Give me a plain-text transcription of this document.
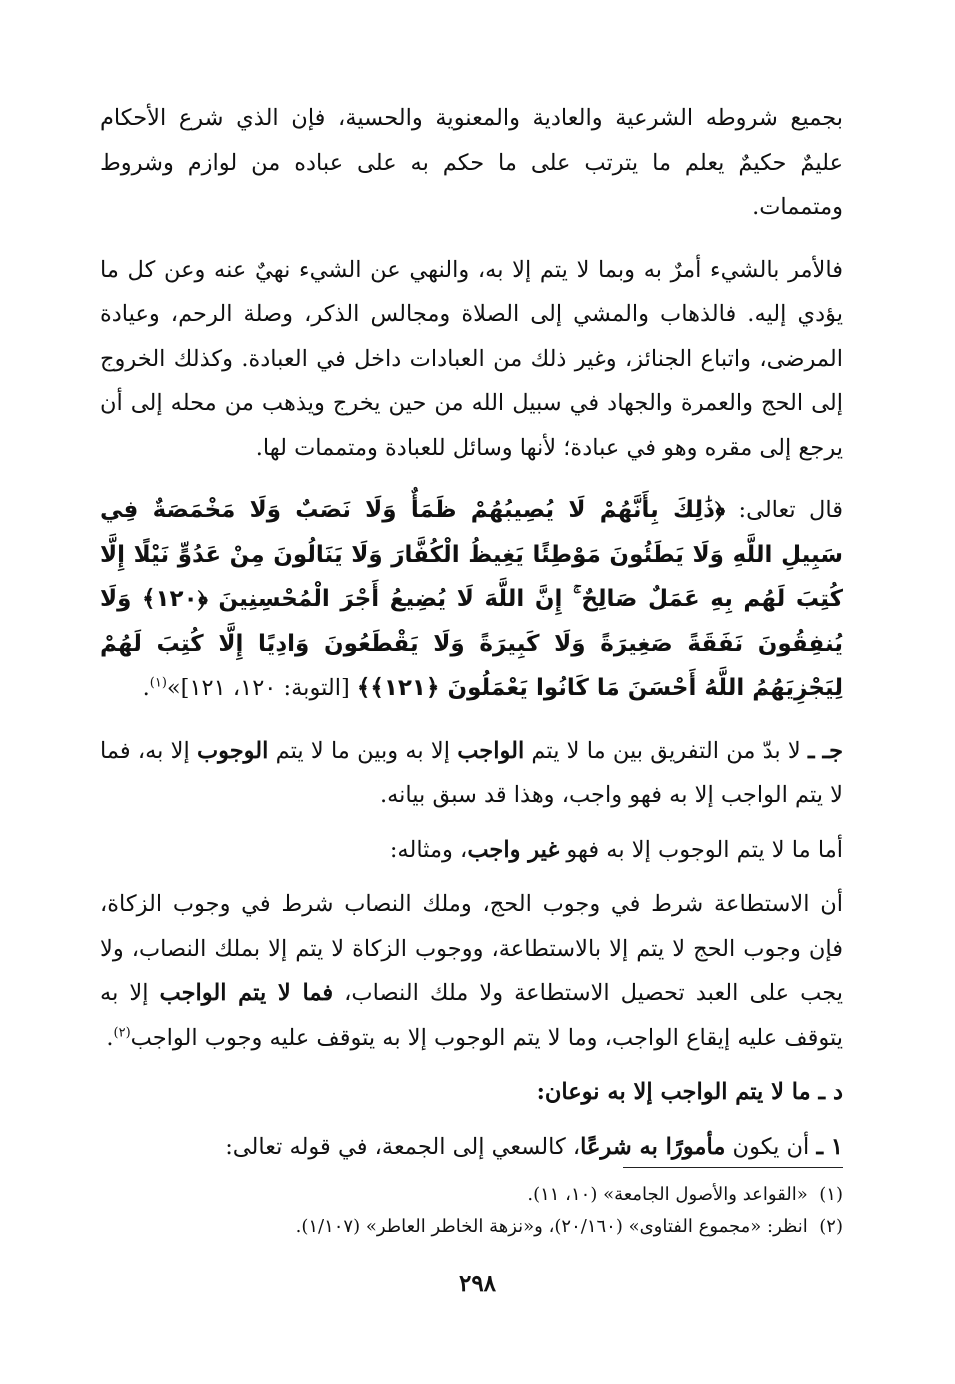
بجميع شروطه الشرعية والعادية والمعنوية والحسية، فإن الذي شرع الأحكام عليمٌ حكيمٌ يعلم ما يترتب على ما حكم به على عباده من لوازم وشروط ومتممات.

فالأمر بالشيء أمرٌ به وبما لا يتم إلا به، والنهي عن الشيء نهيٌ عنه وعن كل ما يؤدي إليه. فالذهاب والمشي إلى الصلاة ومجالس الذكر، وصلة الرحم، وعيادة المرضى، واتباع الجنائز، وغير ذلك من العبادات داخل في العبادة. وكذلك الخروج إلى الحج والعمرة والجهاد في سبيل الله من حين يخرج ويذهب من محله إلى أن يرجع إلى مقره وهو في عبادة؛ لأنها وسائل للعبادة ومتممات لها.

قال تعالى: ﴿ذَٰلِكَ بِأَنَّهُمْ لَا يُصِيبُهُمْ ظَمَأٌ وَلَا نَصَبٌ وَلَا مَخْمَصَةٌ فِي سَبِيلِ اللَّهِ وَلَا يَطَئُونَ مَوْطِئًا يَغِيظُ الْكُفَّارَ وَلَا يَنَالُونَ مِنْ عَدُوٍّ نَيْلًا إِلَّا كُتِبَ لَهُم بِهِ عَمَلٌ صَالِحٌ ۚ إِنَّ اللَّهَ لَا يُضِيعُ أَجْرَ الْمُحْسِنِينَ ﴿١٢٠﴾ وَلَا يُنفِقُونَ نَفَقَةً صَغِيرَةً وَلَا كَبِيرَةً وَلَا يَقْطَعُونَ وَادِيًا إِلَّا كُتِبَ لَهُمْ لِيَجْزِيَهُمُ اللَّهُ أَحْسَنَ مَا كَانُوا يَعْمَلُونَ ﴿١٢١﴾﴾ [التوبة: ١٢٠، ١٢١]»$^{(١)}$.

جـ ـ لا بدّ من التفريق بين ما لا يتم الواجب إلا به وبين ما لا يتم الوجوب إلا به، فما لا يتم الواجب إلا به فهو واجب، وهذا قد سبق بيانه.

أما ما لا يتم الوجوب إلا به فهو غير واجب، ومثاله:

أن الاستطاعة شرط في وجوب الحج، وملك النصاب شرط في وجوب الزكاة، فإن وجوب الحج لا يتم إلا بالاستطاعة، ووجوب الزكاة لا يتم إلا بملك النصاب، ولا يجب على العبد تحصيل الاستطاعة ولا ملك النصاب، فما لا يتم الواجب إلا به يتوقف عليه إيقاع الواجب، وما لا يتم الوجوب إلا به يتوقف عليه وجوب الواجب$^{(٢)}$.

د ـ ما لا يتم الواجب إلا به نوعان:

١ ـ أن يكون مأمورًا به شرعًا، كالسعي إلى الجمعة، في قوله تعالى:

(١)  «القواعد والأصول الجامعة» (١٠، ١١).
(٢)  انظر: «مجموع الفتاوى» (٢٠/١٦٠)، و«نزهة الخاطر العاطر» (١/١٠٧).
٢٩٨
